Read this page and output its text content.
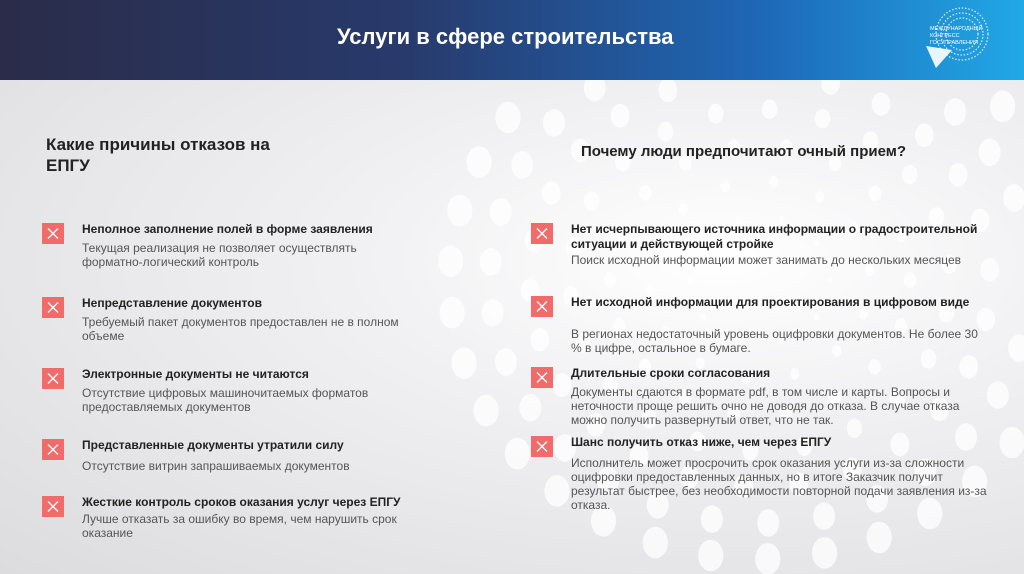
Услуги в сфере строительства	МЕЖДУНАРОДНЫЙ
КОНГРЕСС
ГОСУПРАВЛЕНИЯ
Какие причины отказов на ЕПГУ
Почему люди предпочитают очный прием?
Неполное заполнение полей в форме заявления
Текущая реализация не позволяет осуществлять форматно-логический контроль
Непредставление документов
Требуемый пакет документов предоставлен не в полном объеме
Электронные документы не читаются
Отсутствие цифровых машиночитаемых форматов предоставляемых документов
Представленные документы утратили силу
Отсутствие витрин запрашиваемых документов
Жесткие контроль сроков оказания услуг через ЕПГУ
Лучше отказать за ошибку во время, чем нарушить срок оказание
Нет исчерпывающего источника информации о градостроительной ситуации и действующей стройке
Поиск исходной информации может занимать до нескольких месяцев
Нет исходной информации для проектирования в цифровом виде
В регионах недостаточный уровень оцифровки документов. Не более 30 % в цифре, остальное в бумаге.
Длительные сроки согласования
Документы сдаются в формате pdf, в том числе и карты. Вопросы и неточности проще решить очно не доводя до отказа. В случае отказа можно получить развернутый ответ, что не так.
Шанс получить отказ ниже, чем через ЕПГУ
Исполнитель может просрочить срок оказания услуги из-за сложности оцифровки предоставленных данных, но в итоге Заказчик получит результат быстрее, без необходимости повторной подачи заявления из-за отказа.
